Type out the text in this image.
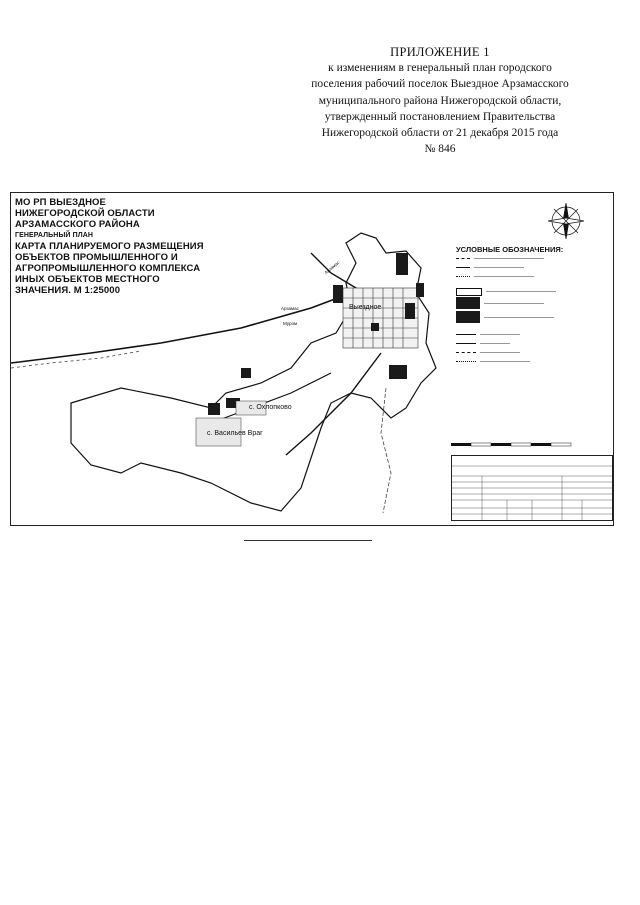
ПРИЛОЖЕНИЕ 1
к изменениям в генеральный план городского
поселения рабочий поселок Выездное Арзамасского
муниципального района Нижегородской области,
утвержденный постановлением Правительства
Нижегородской области от 21 декабря 2015 года
№ 846
МО РП ВЫЕЗДНОЕ
НИЖЕГОРОДСКОЙ ОБЛАСТИ
АРЗАМАССКОГО РАЙОНА
ГЕНЕРАЛЬНЫЙ ПЛАН
КАРТА ПЛАНИРУЕМОГО РАЗМЕЩЕНИЯ
ОБЪЕКТОВ ПРОМЫШЛЕННОГО И
АГРОПРОМЫШЛЕННОГО КОМПЛЕКСА
ИНЫХ ОБЪЕКТОВ МЕСТНОГО
ЗНАЧЕНИЯ. М 1:25000
Выездное
с. Охлопково
с. Васильев Враг
Арзамас
Арзамас
Муром
УСЛОВНЫЕ ОБОЗНАЧЕНИЯ:
